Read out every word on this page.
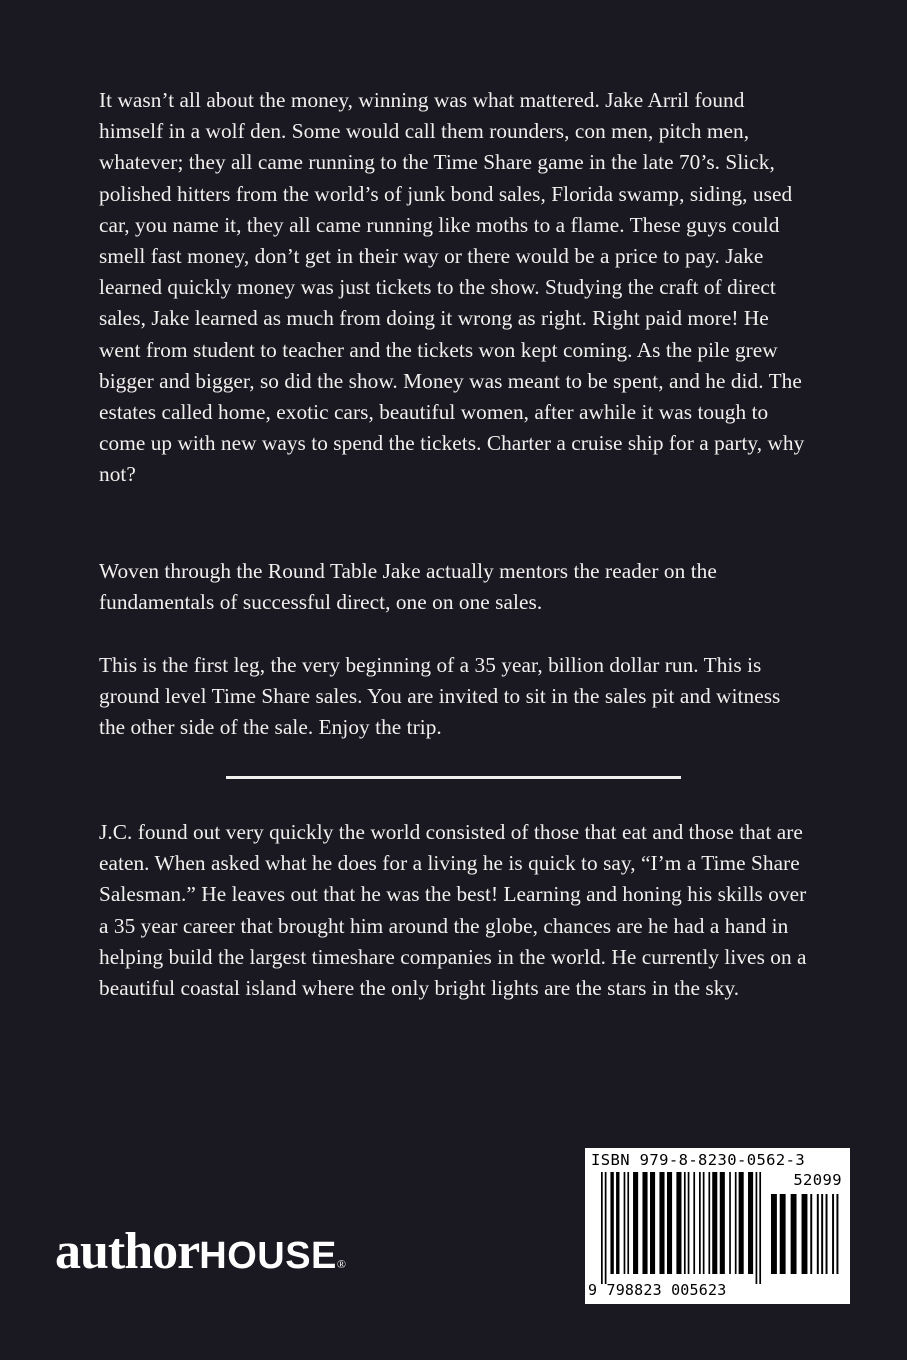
It wasn’t all about the money, winning was what mattered. Jake Arril found himself in a wolf den. Some would call them rounders, con men, pitch men, whatever; they all came running to the Time Share game in the late 70’s. Slick, polished hitters from the world’s of junk bond sales, Florida swamp, siding, used car, you name it, they all came running like moths to a flame. These guys could smell fast money, don’t get in their way or there would be a price to pay. Jake learned quickly money was just tickets to the show. Studying the craft of direct sales, Jake learned as much from doing it wrong as right. Right paid more! He went from student to teacher and the tickets won kept coming. As the pile grew bigger and bigger, so did the show. Money was meant to be spent, and he did. The estates called home, exotic cars, beautiful women, after awhile it was tough to come up with new ways to spend the tickets. Charter a cruise ship for a party, why not?

Woven through the Round Table Jake actually mentors the reader on the fundamentals of successful direct, one on one sales.

This is the first leg, the very beginning of a 35 year, billion dollar run. This is ground level Time Share sales. You are invited to sit in the sales pit and witness the other side of the sale. Enjoy the trip.

J.C. found out very quickly the world consisted of those that eat and those that are eaten. When asked what he does for a living he is quick to say, “I’m a Time Share Salesman.” He leaves out that he was the best! Learning and honing his skills over a 35 year career that brought him around the globe, chances are he had a hand in helping build the largest timeshare companies in the world. He currently lives on a beautiful coastal island where the only bright lights are the stars in the sky.

authorHOUSE®
ISBN 979-8-8230-0562-3
52099
9 798823 005623
